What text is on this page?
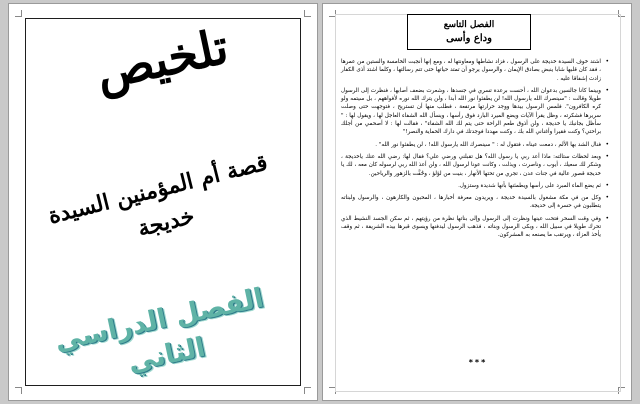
تلخيص
قصة أم المؤمنين السيدة خديجة
الفصل الدراسي الثاني
الفصل التاسع
وداع وأسى

•
اشتد خوف السيدة خديجة على الرسول ، فزاد نشاطها ومعاونتها له ، ومع إنها أنجبت الخامسة والستين من عمرها ، فقد كان قلبها شابا ينبض بصادق الإيمان ، والرسول يرجو أن تمتد حياتها حتى تتم رسالتها ، وكلما اشتد أذى الكفار زادت إشفاقا عليه .

•
وبينما كانا جالسين بدعوان الله ، أحست برعدة تسري في جسدها ، وشعرت بضعف أصابها ، فنظرت إلى الرسول طويلا وقالت : "سينصرك الله يارسول الله! لن يطفئوا نور الله أبدا ، ولن يترك الله نوره لأفواههم ، بل سيتمه ولو كره الكافرون". فلمس الرسول بيدها ووجد حرارتها مرتفعة ، فطلب منها أن تستريح ، فتوجهت حتى وصلت سريرها فشكرته ، وظل يقرأ الآيات ويضع الميرد البارد فوق رأسها ، ويسأل الله الشفاء العاجل لها ، ويقول لها : " سأظل بجانبك يا خديجة ، ولن أذوق طعم الراحة حتى يتم لك الله الشفاء" ، فقالت لها : لا أصحمي من أجلك براحتي؟ وكنت فقيرا وأغناني الله بك ، وكنت مهددا فوجدتك في دارك الحماية والنصر!"

•
فنال الشد بها الألم ، دمعت عيناه ، فتقول له : " سينصرك الله يارسول الله! ، لن يطفئوا نور الله" .

•
وبعد لحظات ستالته: ماذا أعد ربي يا رسول الله؟ هل تقبلني ورضي علي؟ فقال لها: رضي الله عنك ياخديجة ، وشكر لك سعيك ، أيوب ، وناصرت ، ويذلت ، وكانت عونا لرسول الله ، ولن أعذ الله ربي لرسوله كان معه ، لك يا خديجة قصور عالية في جنات عدن ، تجري من تحتها الأنهار ، بنيت من لؤلؤ ، وحُفَّت بالزهور والرياحين.

•
ثم يضع الماء المبرد على رأسها ويطمئنها بأنها شديدة وستزول.

•
وكل من في مكة مشغول بالسيدة خديجة ، ويريدون معرفة أخبارها ، المحبون والكارهون ، والرسول ولبناته يتطلبون في حسرة إلى خديجة.

•
وفي وقت السحر فتحت عينها ونظرت إلى الرسول وإلى بناتها نظرة من رؤيتهم ، ثم سكن الجسد النشيط الذي تحرك طويلا في سبيل الله ، وبكى الرسول وبناته ، فذهب الرسول ليدفنها ويسوى قبرها بيده الشريفة ، ثم وقف يأخذ العزاء ، ويرتقب ما يصنعه به المشركون.

***
